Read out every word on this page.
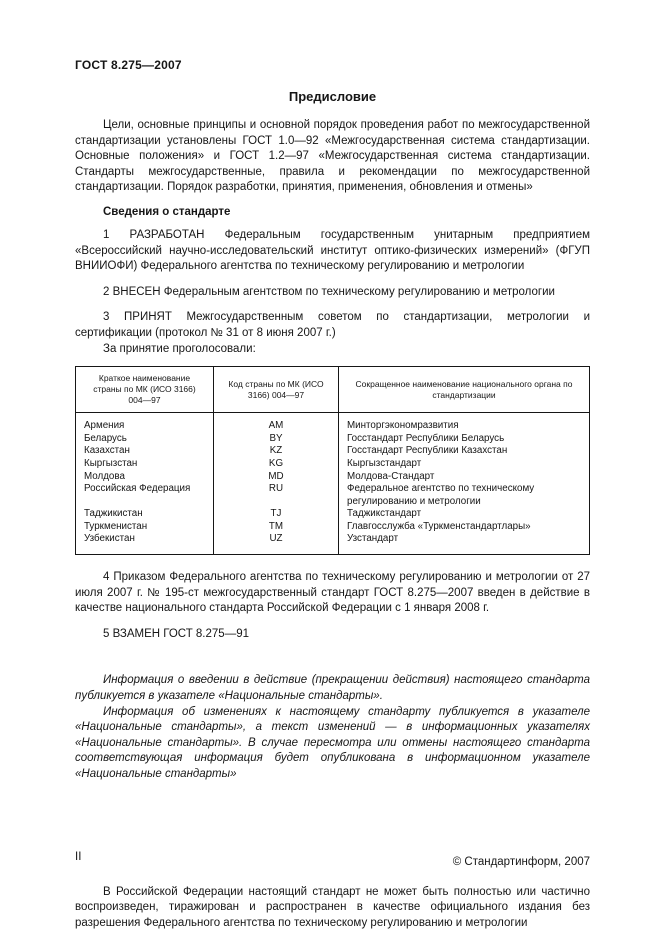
ГОСТ 8.275—2007
Предисловие

Цели, основные принципы и основной порядок проведения работ по межгосударственной стандартизации установлены ГОСТ 1.0—92 «Межгосударственная система стандартизации. Основные положения» и ГОСТ 1.2—97 «Межгосударственная система стандартизации. Стандарты межгосударственные, правила и рекомендации по межгосударственной стандартизации. Порядок разработки, принятия, применения, обновления и отмены»

Сведения о стандарте

1 РАЗРАБОТАН Федеральным государственным унитарным предприятием «Всероссийский научно-исследовательский институт оптико-физических измерений» (ФГУП ВНИИОФИ) Федерального агентства по техническому регулированию и метрологии

2 ВНЕСЕН Федеральным агентством по техническому регулированию и метрологии

3 ПРИНЯТ Межгосударственным советом по стандартизации, метрологии и сертификации (протокол № 31 от 8 июня 2007 г.)

За принятие проголосовали:

Краткое наименование страны по МК (ИСО 3166) 004—97	Код страны по МК (ИСО 3166) 004—97	Сокращенное наименование национального органа по стандартизации
Армения	AM	Минторгэкономразвития
Беларусь	BY	Госстандарт Республики Беларусь
Казахстан	KZ	Госстандарт Республики Казахстан
Кыргызстан	KG	Кыргызстандарт
Молдова	MD	Молдова-Стандарт
Российская Федерация	RU	Федеральное агентство по техническому регулированию и метрологии
Таджикистан	TJ	Таджикстандарт
Туркменистан	TM	Главгосслужба «Туркменстандартлары»
Узбекистан	UZ	Узстандарт

4 Приказом Федерального агентства по техническому регулированию и метрологии от 27 июля 2007 г. № 195-ст межгосударственный стандарт ГОСТ 8.275—2007 введен в действие в качестве национального стандарта Российской Федерации с 1 января 2008 г.

5 ВЗАМЕН ГОСТ 8.275—91

Информация о введении в действие (прекращении действия) настоящего стандарта публикуется в указателе «Национальные стандарты».

Информация об изменениях к настоящему стандарту публикуется в указателе «Национальные стандарты», а текст изменений — в информационных указателях «Национальные стандарты». В случае пересмотра или отмены настоящего стандарта соответствующая информация будет опубликована в информационном указателе «Национальные стандарты»

© Стандартинформ, 2007

В Российской Федерации настоящий стандарт не может быть полностью или частично воспроизведен, тиражирован и распространен в качестве официального издания без разрешения Федерального агентства по техническому регулированию и метрологии

II
